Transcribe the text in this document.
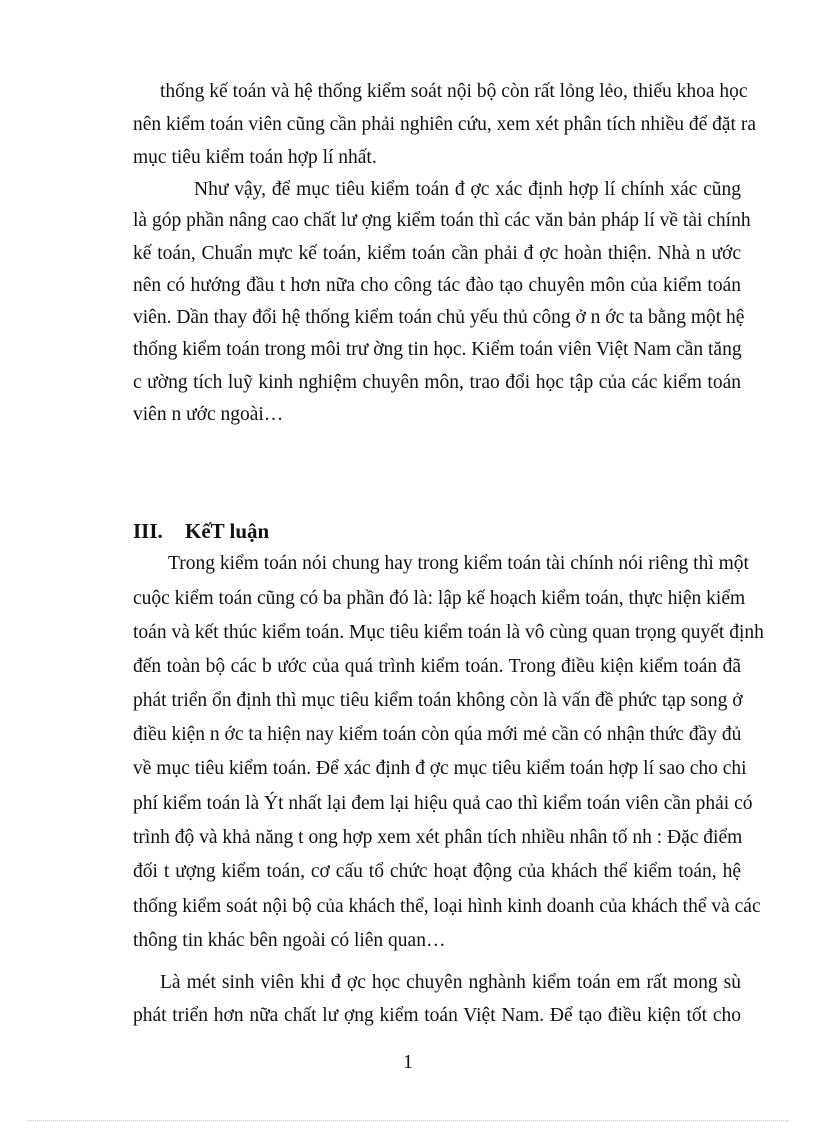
thống kế toán và hệ thống kiểm soát nội bộ còn rất lỏng lẻo, thiếu khoa học
nên kiểm toán viên cũng cần phải nghiên cứu, xem xét phân tích nhiều để đặt ra
mục tiêu kiểm toán hợp lí nhất.
Như vậy, để mục tiêu kiểm toán đ ợc xác định hợp lí chính xác cũng
là góp phần nâng cao chất lư ợng kiểm toán thì các văn bản pháp lí về tài chính
kế toán, Chuẩn mực kế toán, kiểm toán cần phải đ ợc hoàn thiện. Nhà n ước
nên có hướng đầu t hơn nữa cho công tác đào tạo chuyên môn của kiểm toán
viên. Dần thay đổi hệ thống kiểm toán chủ yếu thủ công ở n ớc ta bằng một hệ
thống kiểm toán trong môi trư ờng tin học. Kiểm toán viên Việt Nam cần tăng
c ường tích luỹ kinh nghiệm chuyên môn, trao đổi học tập của các kiểm toán
viên n ước ngoài…
III. KếT luận
Trong kiểm toán nói chung hay trong kiểm toán tài chính nói riêng thì một
cuộc kiểm toán cũng có ba phần đó là: lập kế hoạch kiểm toán, thực hiện kiểm
toán và kết thúc kiểm toán. Mục tiêu kiểm toán là vô cùng quan trọng quyết định
đến toàn bộ các b ước của quá trình kiểm toán. Trong điều kiện kiểm toán đã
phát triển ổn định thì mục tiêu kiểm toán không còn là vấn đề phức tạp song ở
điều kiện n ớc ta hiện nay kiểm toán còn qúa mới mẻ cần có nhận thức đầy đủ
về mục tiêu kiểm toán. Để xác định đ ợc mục tiêu kiểm toán hợp lí sao cho chi
phí kiểm toán là Ýt nhất lại đem lại hiệu quả cao thì kiểm toán viên cần phải có
trình độ và khả năng t ong hợp xem xét phân tích nhiều nhân tố nh : Đặc điểm
đối t ượng kiểm toán, cơ cấu tổ chức hoạt động của khách thể kiểm toán, hệ
thống kiểm soát nội bộ của khách thể, loại hình kinh doanh của khách thể và các
thông tin khác bên ngoài có liên quan…
Là mét sinh viên khi đ ợc học chuyên nghành kiểm toán em rất mong sù
phát triển hơn nữa chất lư ợng kiểm toán Việt Nam. Để tạo điều kiện tốt cho
1
